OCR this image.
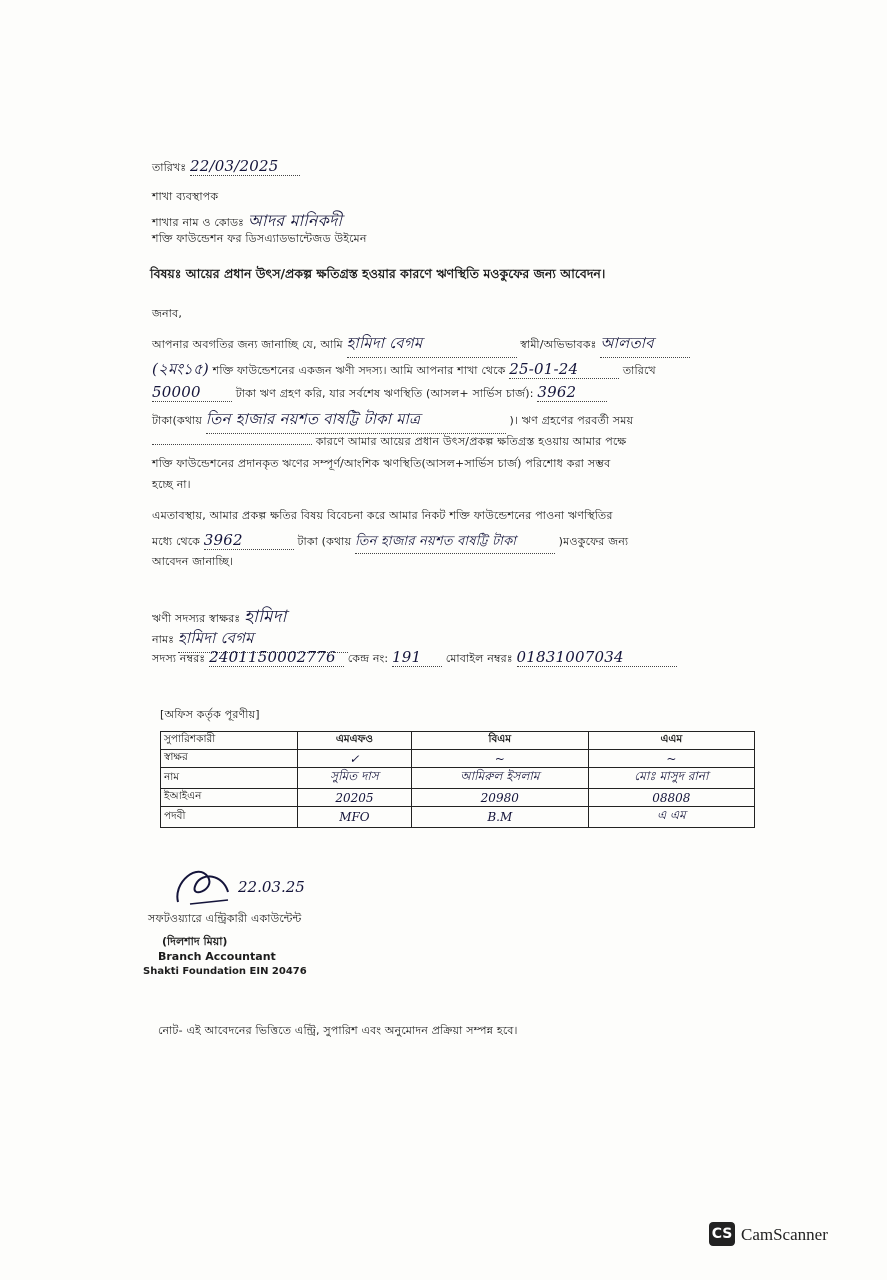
তারিখঃ 22/03/2025
শাখা ব্যবস্থাপক
শাখার নাম ও কোডঃ আদর মানিকদী
শক্তি ফাউন্ডেশন ফর ডিসএ্যাডভান্টেজড উইমেন
বিষয়ঃ আয়ের প্রধান উৎস/প্রকল্প ক্ষতিগ্রস্ত হওয়ার কারণে ঋণস্থিতি মওকুফের জন্য আবেদন।
জনাব,
আপনার অবগতির জন্য জানাচ্ছি যে, আমি হামিদা বেগম	স্বামী/অভিভাবকঃ আলতাব
(২মং১৫) শক্তি ফাউন্ডেশনের একজন ঋণী সদস্য। আমি আপনার শাখা থেকে 25-01-24	তারিখে
50000	টাকা ঋণ গ্রহণ করি, যার সর্বশেষ ঋণস্থিতি (আসল+ সার্ভিস চার্জ): 3962
টাকা(কথায় তিন হাজার নয়শত বাষট্টি টাকা মাত্র	)। ঋণ গ্রহণের পরবর্তী সময়
কারণে আমার আয়ের প্রধান উৎস/প্রকল্প ক্ষতিগ্রস্ত হওয়ায় আমার পক্ষে
শক্তি ফাউন্ডেশনের প্রদানকৃত ঋণের সম্পূর্ণ/আংশিক ঋণস্থিতি(আসল+সার্ভিস চার্জ) পরিশোধ করা সম্ভব
হচ্ছে না।
এমতাবস্থায়, আমার প্রকল্প ক্ষতির বিষয় বিবেচনা করে আমার নিকট শক্তি ফাউন্ডেশনের পাওনা ঋণস্থিতির
মধ্যে থেকে 3962	টাকা (কথায় তিন হাজার নয়শত বাষট্টি টাকা	)মওকুফের জন্য
আবেদন জানাচ্ছি।
ঋণী সদস্যর স্বাক্ষরঃ হামিদা
নামঃ হামিদা বেগম
সদস্য নম্বরঃ 2401150002776 কেন্দ্র নং: 191 মোবাইল নম্বরঃ 01831007034
[অফিস কর্তৃক পূরণীয়]
সুপারিশকারী	এমএফও	বিএম	এএম
স্বাক্ষর	✓	~	~
নাম	সুমিত দাস	আমিরুল ইসলাম	মোঃ মাসুদ রানা
ইআইএন	20205	20980	08808
পদবী	MFO	B.M	এ এম
22.03.25
সফটওয়্যারে এন্ট্রিকারী একাউন্টেন্ট
(দিলশাদ মিয়া)
Branch Accountant
Shakti Foundation EIN 20476
নোট- এই আবেদনের ভিত্তিতে এন্ট্রি, সুপারিশ এবং অনুমোদন প্রক্রিয়া সম্পন্ন হবে।
CS CamScanner
